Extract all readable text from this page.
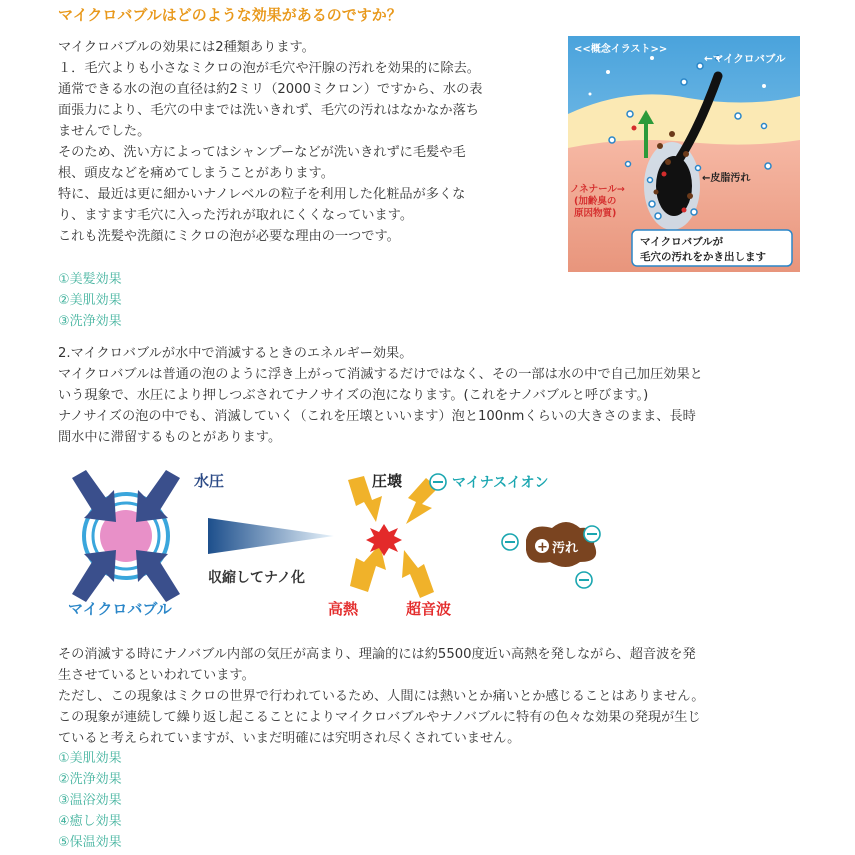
マイクロバブルはどのような効果があるのですか？

マイクロバブルの効果には2種類あります。
１．毛穴よりも小さなミクロの泡が毛穴や汗腺の汚れを効果的に除去。
通常できる水の泡の直径は約2ミリ（2000ミクロン）ですから、水の表
面張力により、毛穴の中までは洗いきれず、毛穴の汚れはなかなか落ち
ませんでした。
そのため、洗い方によってはシャンプーなどが洗いきれずに毛髪や毛
根、頭皮などを痛めてしまうことがあります。
特に、最近は更に細かいナノレベルの粒子を利用した化粧品が多くな
り、ますます毛穴に入った汚れが取れにくくなっています。
これも洗髪や洗顔にミクロの泡が必要な理由の一つです。

①美髪効果
②美肌効果
③洗浄効果
<<概念イラスト>>
←マイクロバブル
←皮脂汚れ
ノネナール→
(加齢臭の
原因物質)
マイクロバブルが
毛穴の汚れをかき出します

2.マイクロバブルが水中で消滅するときのエネルギー効果。
マイクロバブルは普通の泡のように浮き上がって消滅するだけではなく、その一部は水の中で自己加圧効果と
いう現象で、水圧により押しつぶされてナノサイズの泡になります。(これをナノバブルと呼びます。)
ナノサイズの泡の中でも、消滅していく（これを圧壊といいます）泡と100nmくらいの大きさのまま、長時
間水中に滞留するものとがあります。

水圧
マイクロバブル
収縮してナノ化
圧壊	マイナスイオン
高熱	超音波
+ 汚れ

その消滅する時にナノバブル内部の気圧が高まり、理論的には約5500度近い高熱を発しながら、超音波を発
生させているといわれています。
ただし、この現象はミクロの世界で行われているため、人間には熱いとか痛いとか感じることはありません。
この現象が連続して繰り返し起こることによりマイクロバブルやナノバブルに特有の色々な効果の発現が生じ
ていると考えられていますが、いまだ明確には究明され尽くされていません。

①美肌効果
②洗浄効果
③温浴効果
④癒し効果
⑤保温効果
